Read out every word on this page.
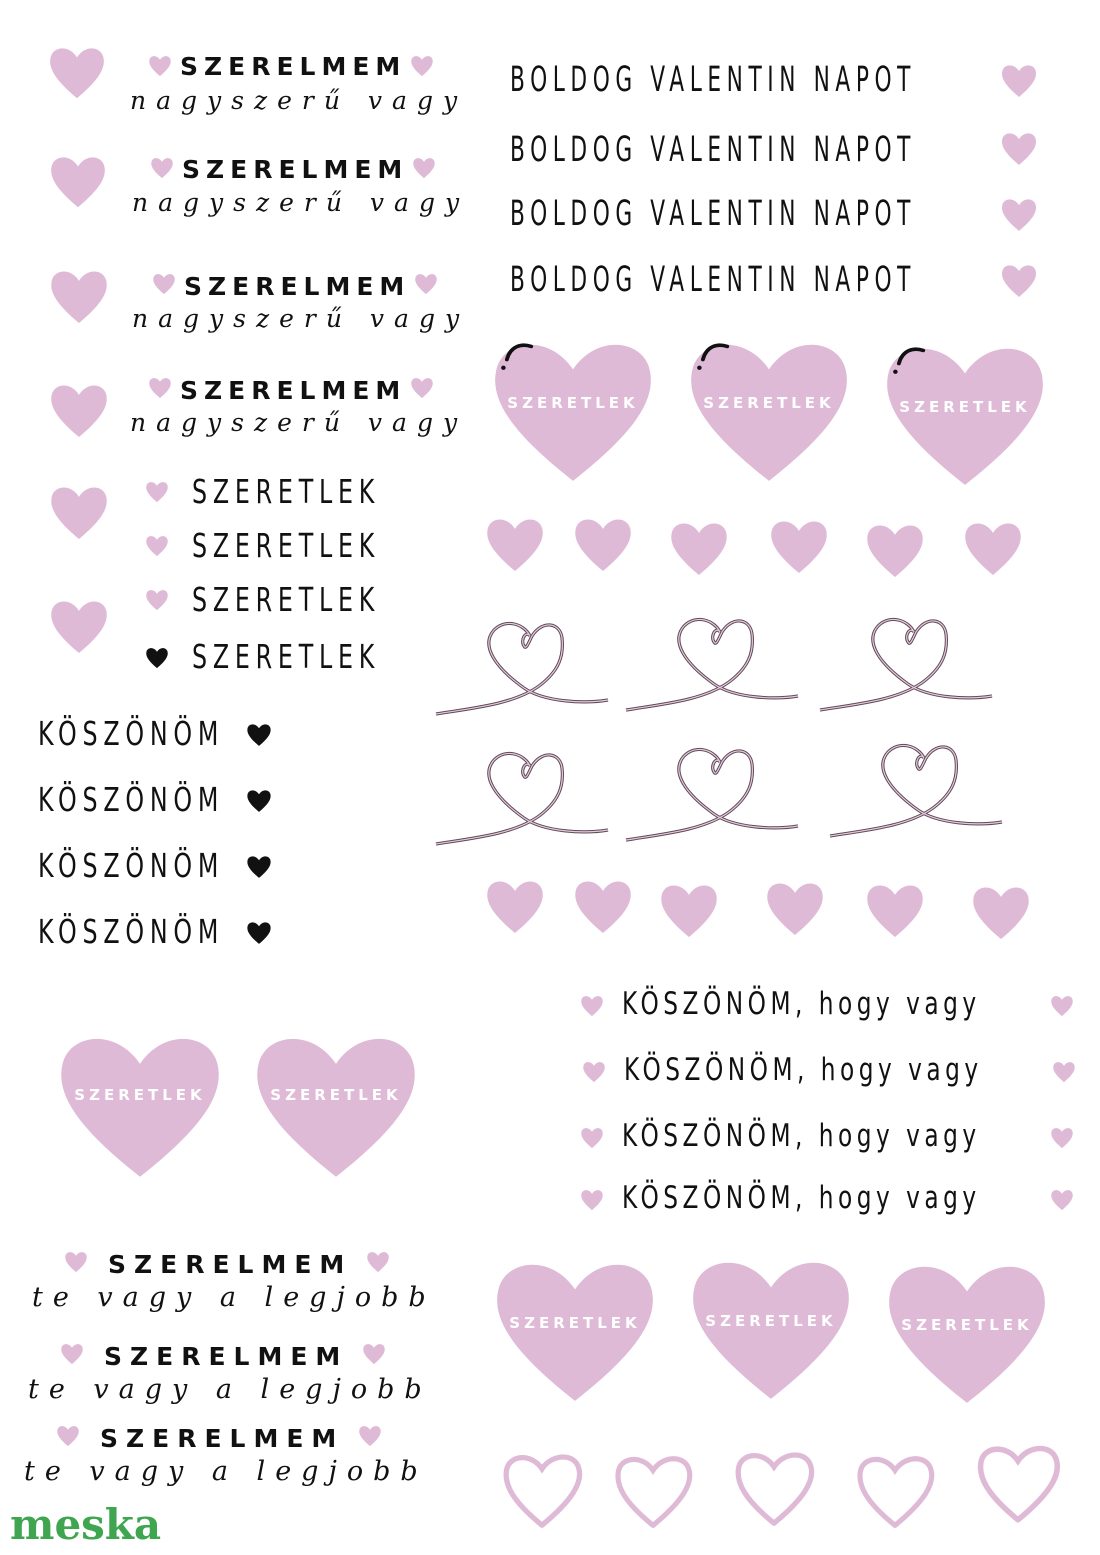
SZERELMEM
nagyszerű vagy
SZERELMEM
nagyszerű vagy
SZERELMEM
nagyszerű vagy
SZERELMEM
nagyszerű vagy
SZERETLEK
SZERETLEK
SZERETLEK
SZERETLEK
KÖSZÖNÖM
KÖSZÖNÖM
KÖSZÖNÖM
KÖSZÖNÖM
SZERETLEK	SZERETLEK
SZERELMEM
te vagy a legjobb
SZERELMEM
te vagy a legjobb
SZERELMEM
te vagy a legjobb
meska
BOLDOG VALENTIN NAPOT
BOLDOG VALENTIN NAPOT
BOLDOG VALENTIN NAPOT
BOLDOG VALENTIN NAPOT
SZERETLEK	SZERETLEK	SZERETLEK
KÖSZÖNÖM, hogy vagy
KÖSZÖNÖM, hogy vagy
KÖSZÖNÖM, hogy vagy
KÖSZÖNÖM, hogy vagy
SZERETLEK	SZERETLEK	SZERETLEK
